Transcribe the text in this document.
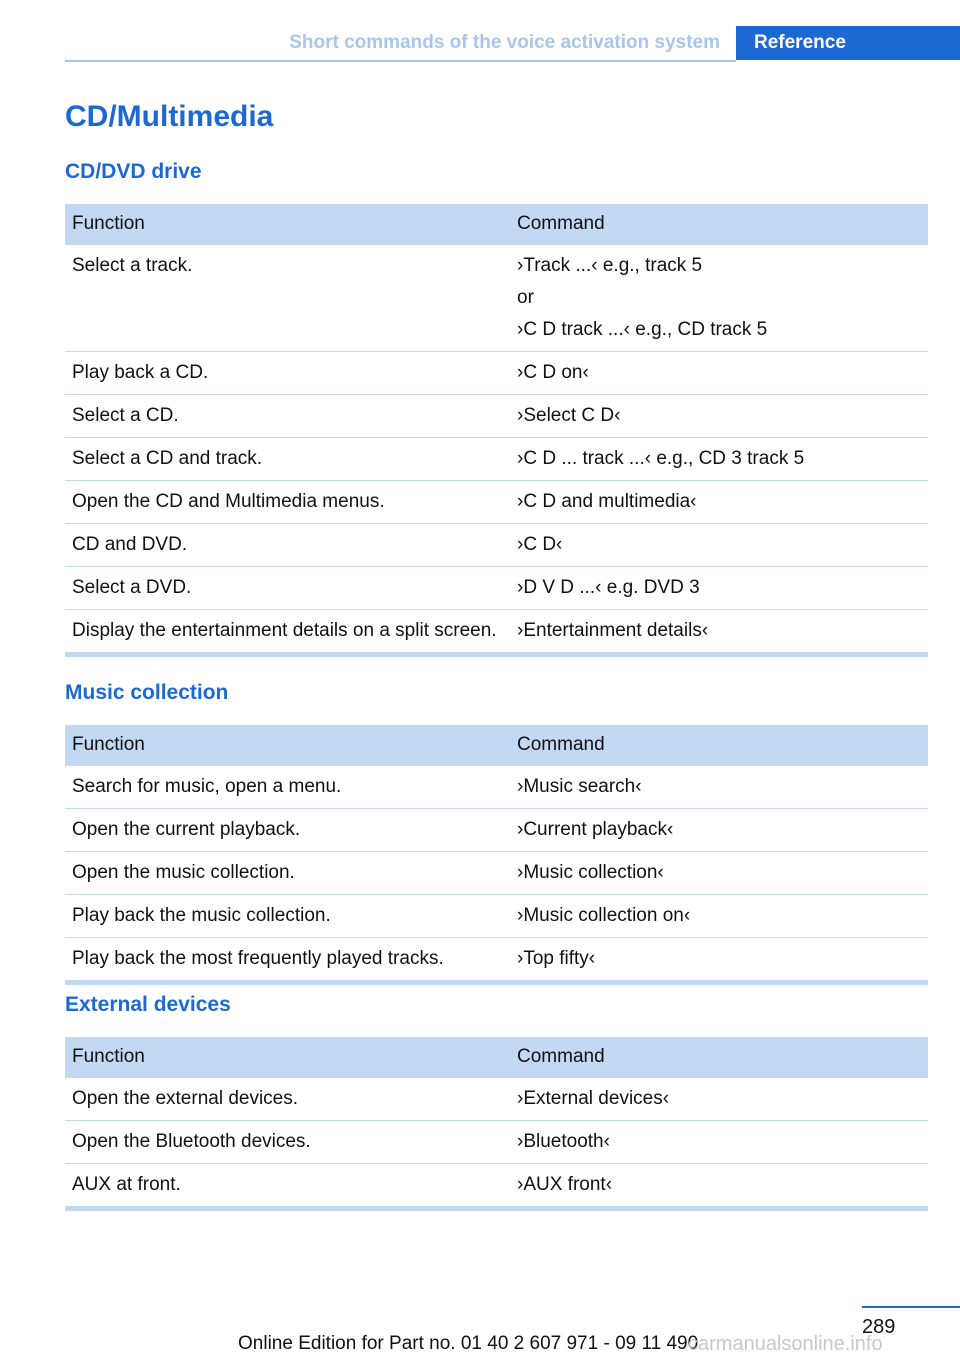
Short commands of the voice activation system	Reference
CD/Multimedia
CD/DVD drive
Function	Command
Select a track.	›Track ...‹ e.g., track 5
or
›C D track ...‹ e.g., CD track 5

Play back a CD.	›C D on‹

Select a CD.	›Select C D‹

Select a CD and track.	›C D ... track ...‹ e.g., CD 3 track 5

Open the CD and Multimedia menus.	›C D and multimedia‹

CD and DVD.	›C D‹

Select a DVD.	›D V D ...‹ e.g. DVD 3

Display the entertainment details on a split screen.	›Entertainment details‹
Music collection
Function	Command
Search for music, open a menu.	›Music search‹

Open the current playback.	›Current playback‹

Open the music collection.	›Music collection‹

Play back the music collection.	›Music collection on‹

Play back the most frequently played tracks.	›Top fifty‹
External devices
Function	Command
Open the external devices.	›External devices‹

Open the Bluetooth devices.	›Bluetooth‹

AUX at front.	›AUX front‹
289
Online Edition for Part no. 01 40 2 607 971 - 09 11 490
carmanualsonline.info
